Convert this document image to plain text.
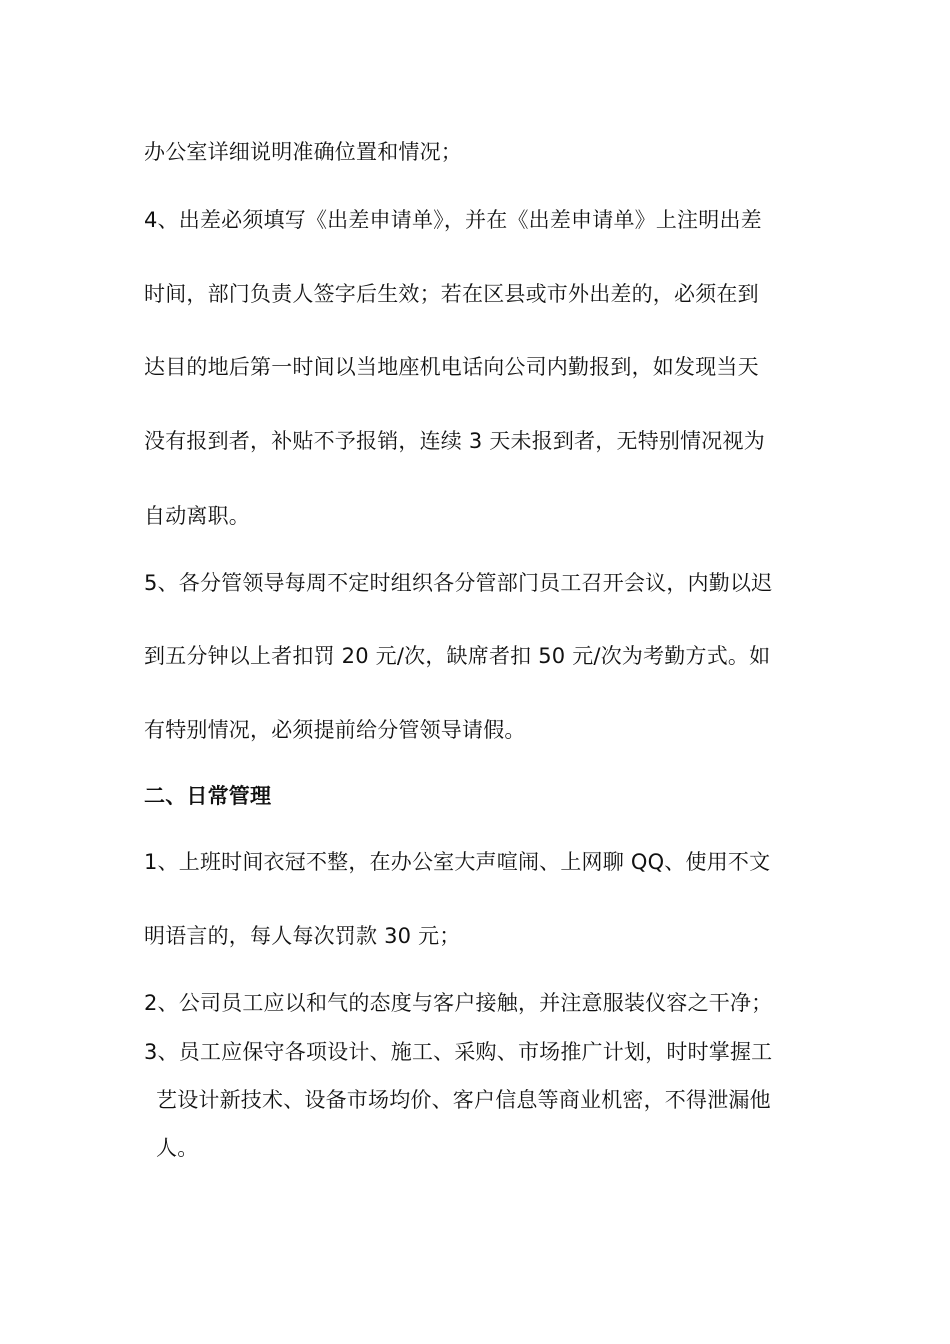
办公室详细说明准确位置和情况；
4、出差必须填写《出差申请单》，并在《出差申请单》上注明出差
时间，部门负责人签字后生效；若在区县或市外出差的，必须在到
达目的地后第一时间以当地座机电话向公司内勤报到，如发现当天
没有报到者，补贴不予报销，连续 3 天未报到者，无特别情况视为
自动离职。
5、各分管领导每周不定时组织各分管部门员工召开会议，内勤以迟
到五分钟以上者扣罚 20 元/次，缺席者扣 50 元/次为考勤方式。如
有特别情况，必须提前给分管领导请假。
二、日常管理
1、上班时间衣冠不整，在办公室大声喧闹、上网聊 QQ、使用不文
明语言的，每人每次罚款 30 元；
2、公司员工应以和气的态度与客户接触，并注意服装仪容之干净；
3、员工应保守各项设计、施工、采购、市场推广计划，时时掌握工
艺设计新技术、设备市场均价、客户信息等商业机密，不得泄漏他
人。
